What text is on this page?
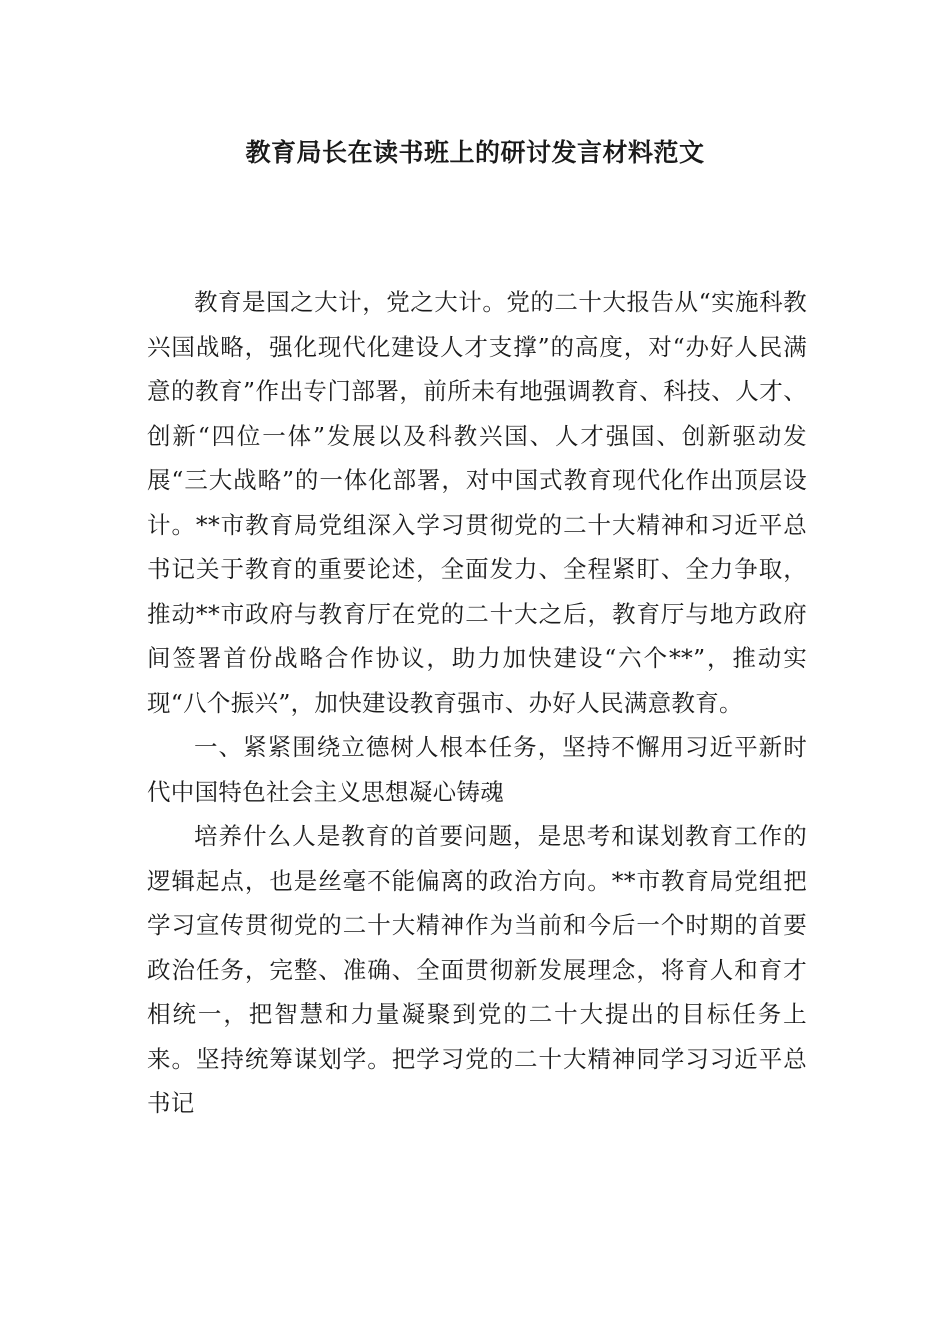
教育局长在读书班上的研讨发言材料范文

教育是国之大计，党之大计。党的二十大报告从“实施科教兴国战略，强化现代化建设人才支撑”的高度，对“办好人民满意的教育”作出专门部署，前所未有地强调教育、科技、人才、创新“四位一体”发展以及科教兴国、人才强国、创新驱动发展“三大战略”的一体化部署，对中国式教育现代化作出顶层设计。**市教育局党组深入学习贯彻党的二十大精神和习近平总书记关于教育的重要论述，全面发力、全程紧盯、全力争取，推动**市政府与教育厅在党的二十大之后，教育厅与地方政府间签署首份战略合作协议，助力加快建设“六个**”，推动实现“八个振兴”，加快建设教育强市、办好人民满意教育。

一、紧紧围绕立德树人根本任务，坚持不懈用习近平新时代中国特色社会主义思想凝心铸魂

培养什么人是教育的首要问题，是思考和谋划教育工作的逻辑起点，也是丝毫不能偏离的政治方向。**市教育局党组把学习宣传贯彻党的二十大精神作为当前和今后一个时期的首要政治任务，完整、准确、全面贯彻新发展理念，将育人和育才相统一，把智慧和力量凝聚到党的二十大提出的目标任务上来。坚持统筹谋划学。把学习党的二十大精神同学习习近平总书记
